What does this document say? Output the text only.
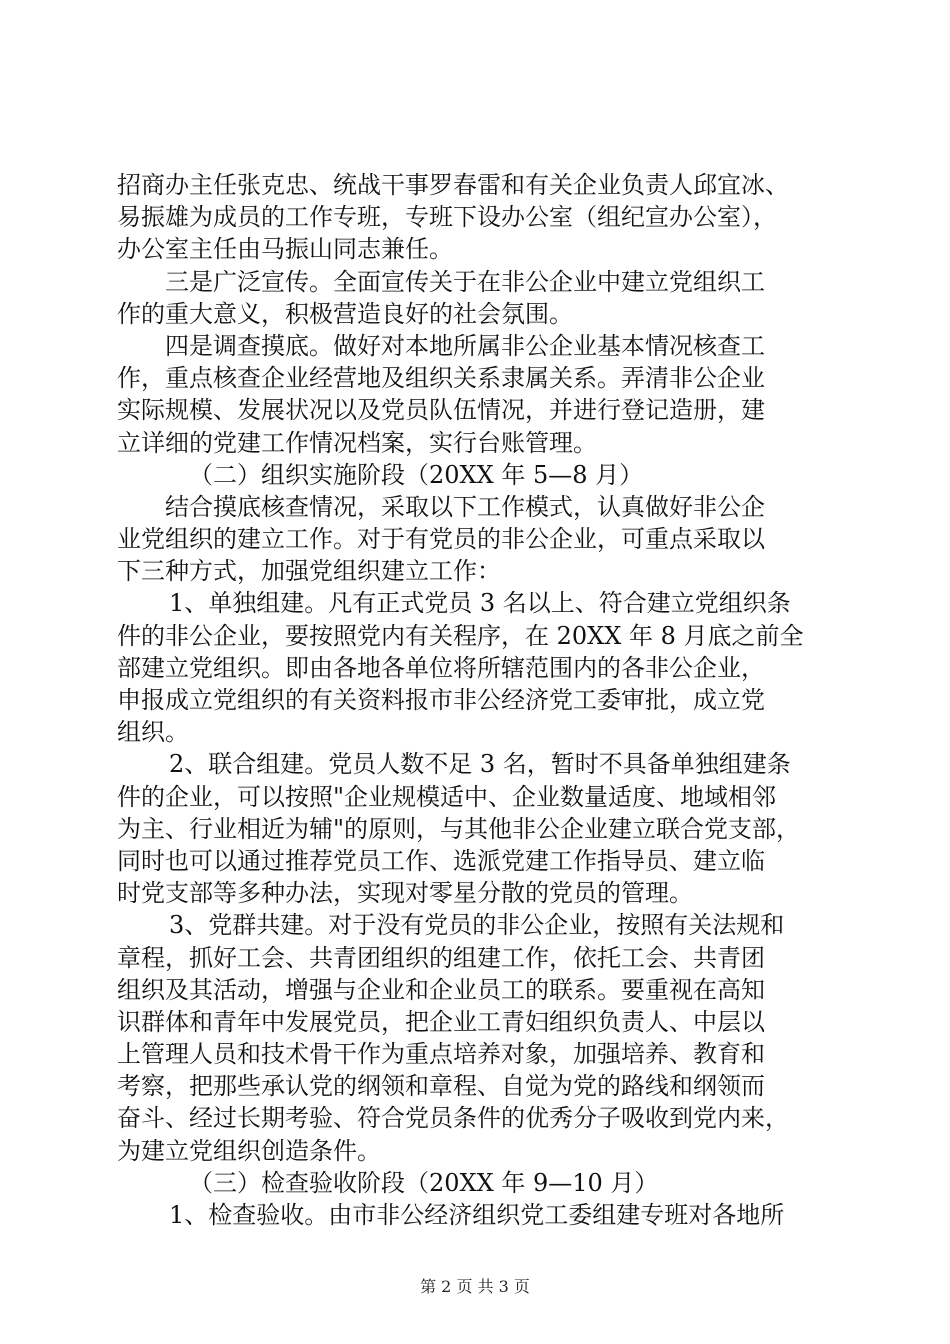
招商办主任张克忠、统战干事罗春雷和有关企业负责人邱宜冰、
易振雄为成员的工作专班，专班下设办公室（组纪宣办公室），
办公室主任由马振山同志兼任。
三是广泛宣传。全面宣传关于在非公企业中建立党组织工
作的重大意义，积极营造良好的社会氛围。
四是调查摸底。做好对本地所属非公企业基本情况核查工
作，重点核查企业经营地及组织关系隶属关系。弄清非公企业
实际规模、发展状况以及党员队伍情况，并进行登记造册，建
立详细的党建工作情况档案，实行台账管理。
（二）组织实施阶段（20XX 年 5—8 月）
结合摸底核查情况，采取以下工作模式，认真做好非公企
业党组织的建立工作。对于有党员的非公企业，可重点采取以
下三种方式，加强党组织建立工作：
1、单独组建。凡有正式党员 3 名以上、符合建立党组织条
件的非公企业，要按照党内有关程序，在 20XX 年 8 月底之前全
部建立党组织。即由各地各单位将所辖范围内的各非公企业，
申报成立党组织的有关资料报市非公经济党工委审批，成立党
组织。
2、联合组建。党员人数不足 3 名，暂时不具备单独组建条
件的企业，可以按照"企业规模适中、企业数量适度、地域相邻
为主、行业相近为辅"的原则，与其他非公企业建立联合党支部，
同时也可以通过推荐党员工作、选派党建工作指导员、建立临
时党支部等多种办法，实现对零星分散的党员的管理。
3、党群共建。对于没有党员的非公企业，按照有关法规和
章程，抓好工会、共青团组织的组建工作，依托工会、共青团
组织及其活动，增强与企业和企业员工的联系。要重视在高知
识群体和青年中发展党员，把企业工青妇组织负责人、中层以
上管理人员和技术骨干作为重点培养对象，加强培养、教育和
考察，把那些承认党的纲领和章程、自觉为党的路线和纲领而
奋斗、经过长期考验、符合党员条件的优秀分子吸收到党内来，
为建立党组织创造条件。
（三）检查验收阶段（20XX 年 9—10 月）
1、检查验收。由市非公经济组织党工委组建专班对各地所
第 2 页 共 3 页
